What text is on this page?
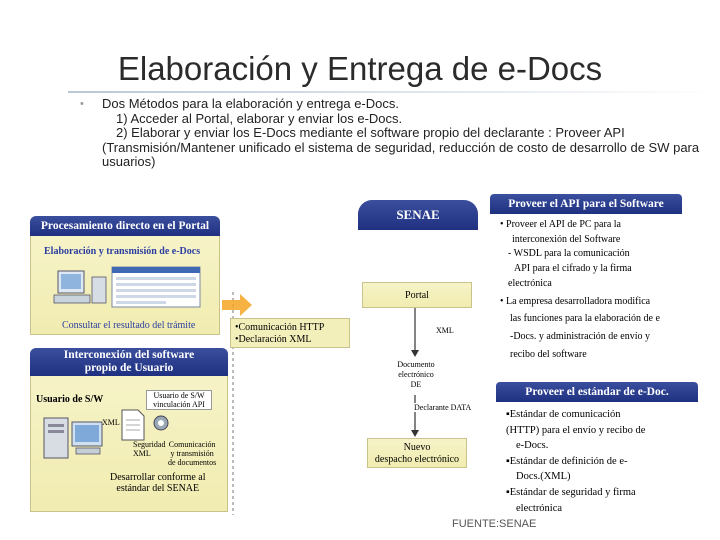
Elaboración y Entrega de e-Docs
• Dos Métodos para la elaboración y entrega e-Docs.

1) Acceder al Portal, elaborar y enviar los e-Docs.

2) Elaborar y enviar los E-Docs mediante el software propio del declarante : Proveer API

(Transmisión/Mantener unificado el sistema de seguridad, reducción de costo de desarrollo de SW para

usuarios)

Procesamiento directo en el Portal
Elaboración y transmisión de e-Docs
Consultar el resultado del trámite
Interconexión del software
propio de Usuario
Usuario de S/W	Usuario de S/W
vinculación API
XML
Seguridad
XML
Comunicación
y transmisión
de documentos
Desarrollar conforme al
estándar del SENAE
SENAE
Portal
•Comunicación HTTP
•Declaración XML
XML
Documento
electrónico
DE
Declarante DATA
Nuevo
despacho electrónico
Proveer el API para el Software
• Proveer el API de PC para la
interconexión del Software
- WSDL para la comunicación
API para el cifrado y la firma
electrónica
• La empresa desarrolladora modifica
las funciones para la elaboración de e
-Docs. y administración de envío y
recibo del software
Proveer el estándar de e-Doc.
▪Estándar de comunicación
(HTTP) para el envío y recibo de
e-Docs.
▪Estándar de definición de e-
Docs.(XML)
▪Estándar de seguridad y firma
electrónica
FUENTE:SENAE
